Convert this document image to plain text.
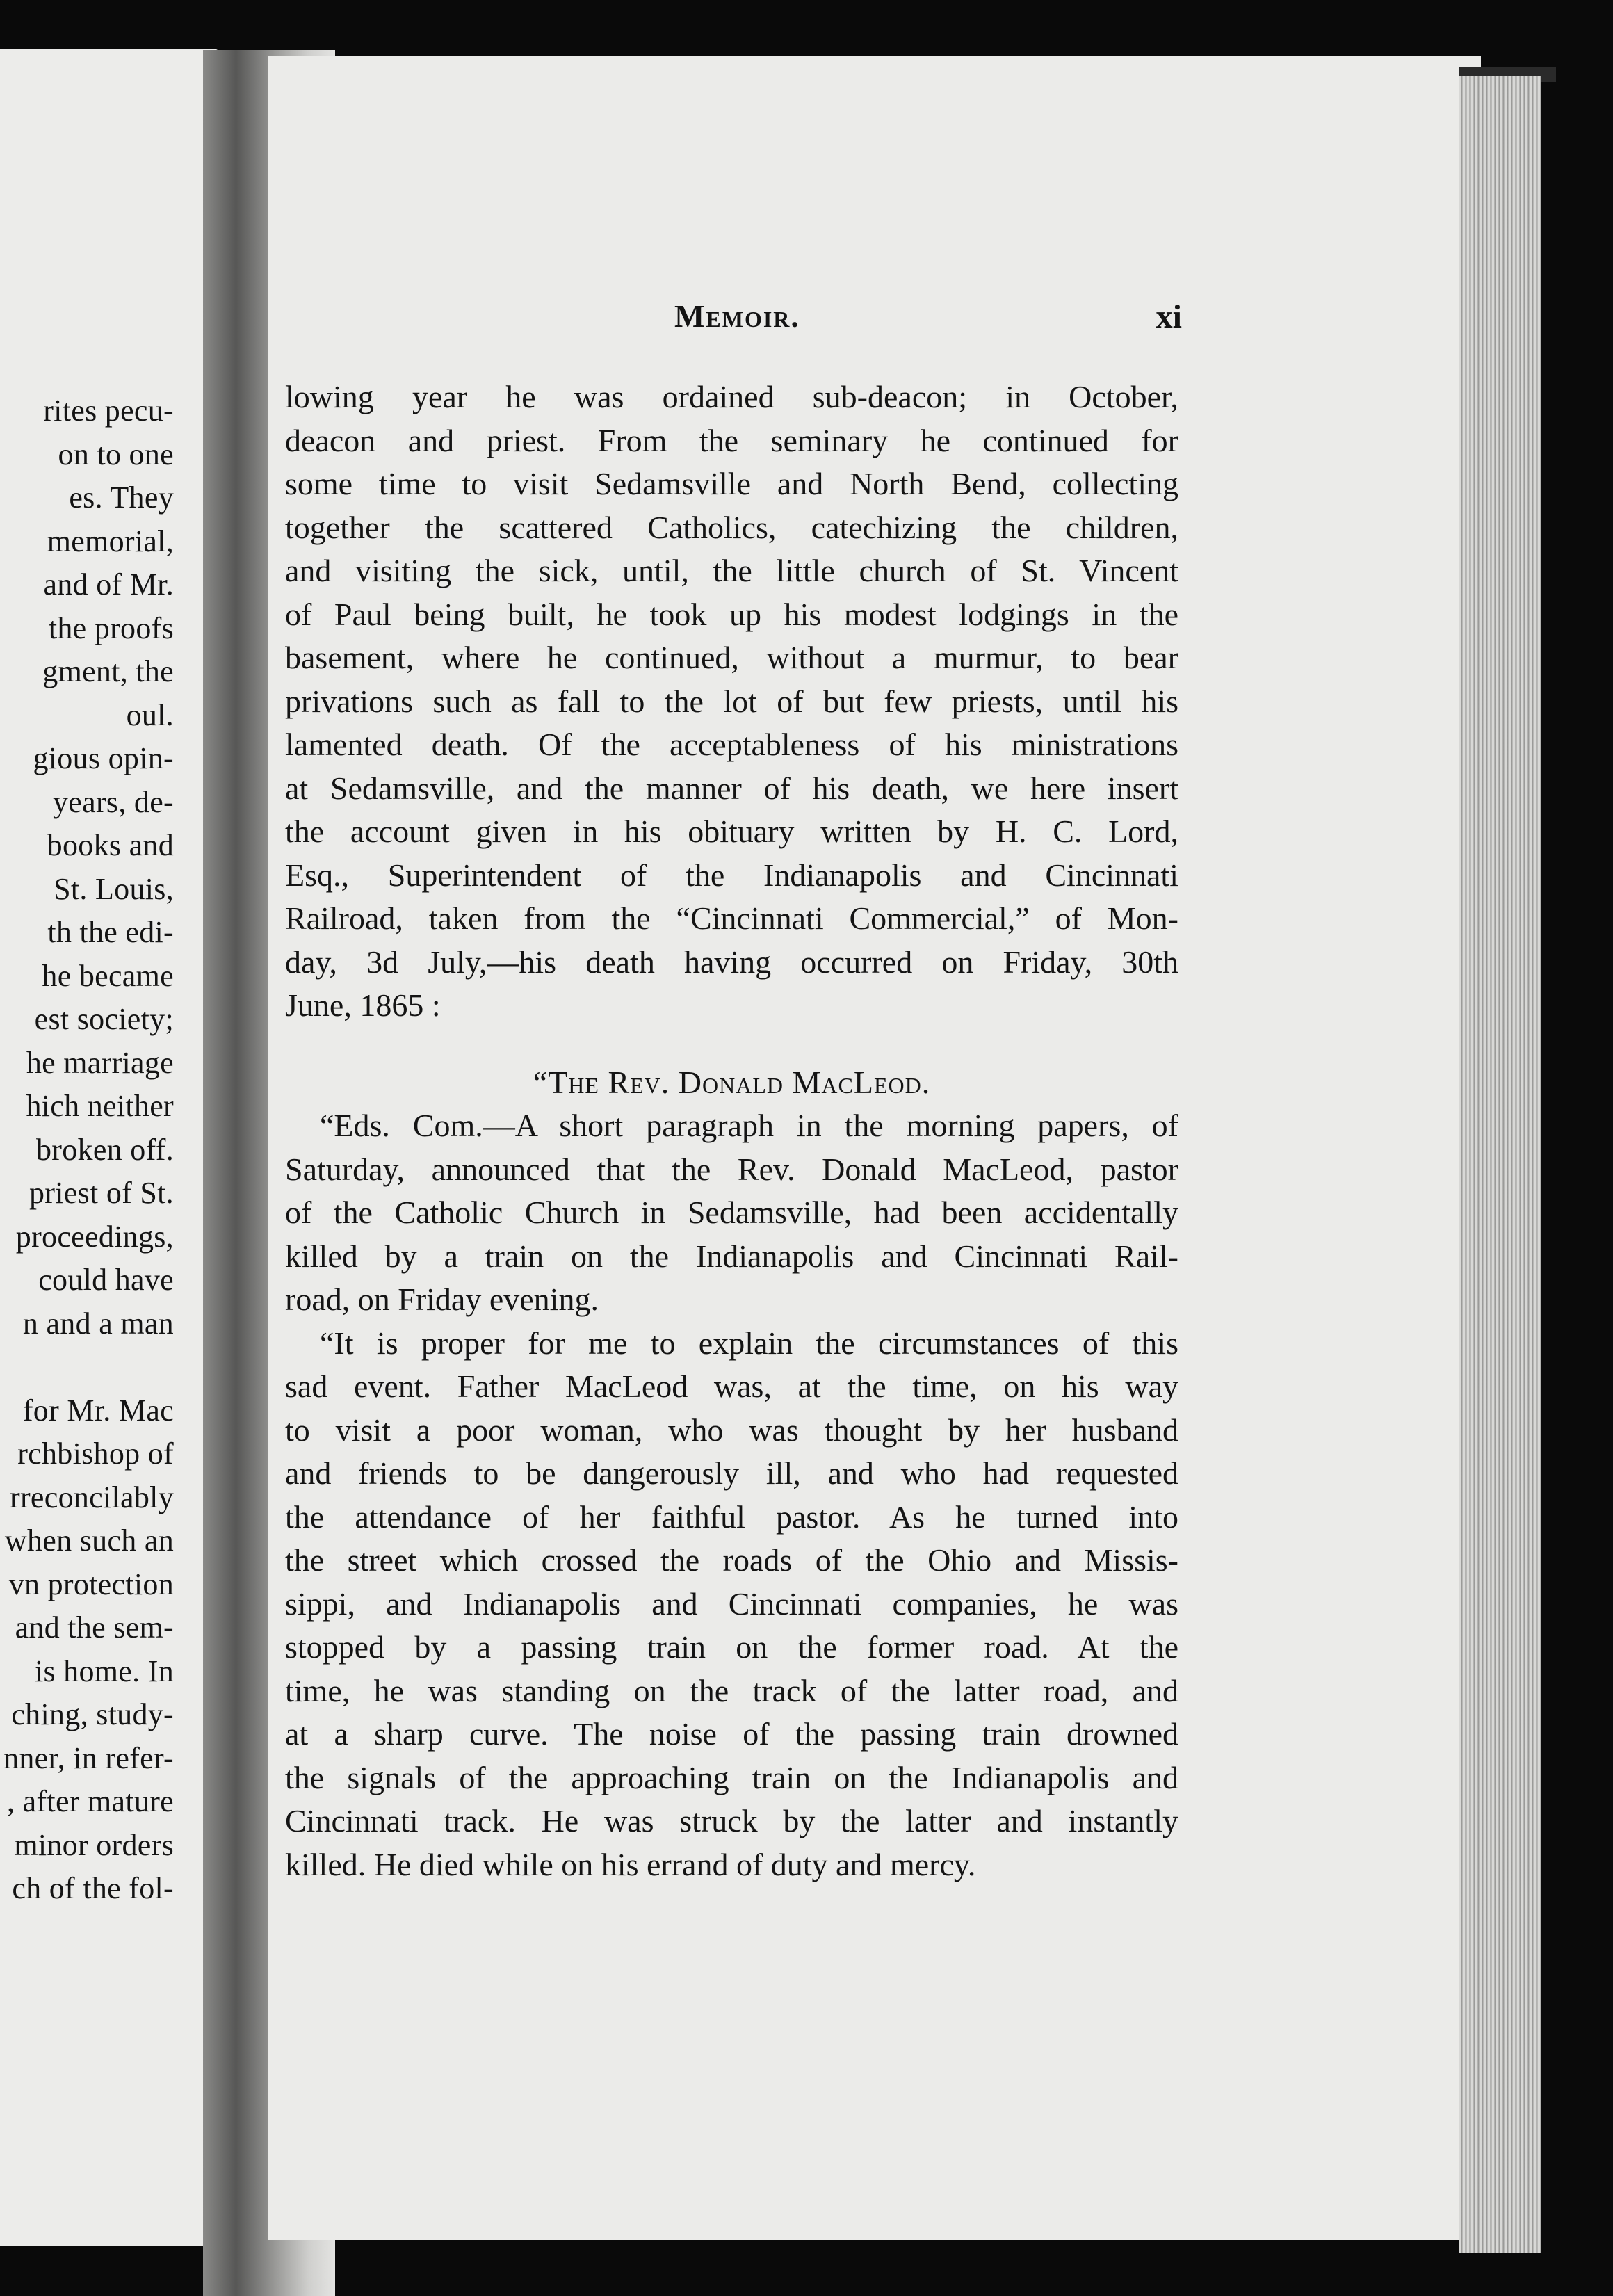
rites pecu-
on to one
es. They
memorial,
and of Mr.
the proofs
gment, the
oul.
gious opin-
years, de-
books and
St. Louis,
th the edi-
he became
est society;
he marriage
hich neither
broken off.
priest of St.
proceedings,
could have
n and a man
for Mr. Mac
rchbishop of
rreconcilably
when such an
vn protection
and the sem-
is home. In
ching, study-
nner, in refer-
, after mature
minor orders
ch of the fol-
Memoir.	xi
lowing year he was ordained sub-deacon; in October,
deacon and priest. From the seminary he continued for
some time to visit Sedamsville and North Bend, collecting
together the scattered Catholics, catechizing the children,
and visiting the sick, until, the little church of St. Vincent
of Paul being built, he took up his modest lodgings in the
basement, where he continued, without a murmur, to bear
privations such as fall to the lot of but few priests, until his
lamented death. Of the acceptableness of his ministrations
at Sedamsville, and the manner of his death, we here insert
the account given in his obituary written by H. C. Lord,
Esq., Superintendent of the Indianapolis and Cincinnati
Railroad, taken from the “Cincinnati Commercial,” of Mon-
day, 3d July,—his death having occurred on Friday, 30th
June, 1865 :
“The Rev. Donald MacLeod.
“Eds. Com.—A short paragraph in the morning papers, of
Saturday, announced that the Rev. Donald MacLeod, pastor
of the Catholic Church in Sedamsville, had been accidentally
killed by a train on the Indianapolis and Cincinnati Rail-
road, on Friday evening.
“It is proper for me to explain the circumstances of this
sad event. Father MacLeod was, at the time, on his way
to visit a poor woman, who was thought by her husband
and friends to be dangerously ill, and who had requested
the attendance of her faithful pastor. As he turned into
the street which crossed the roads of the Ohio and Missis-
sippi, and Indianapolis and Cincinnati companies, he was
stopped by a passing train on the former road. At the
time, he was standing on the track of the latter road, and
at a sharp curve. The noise of the passing train drowned
the signals of the approaching train on the Indianapolis and
Cincinnati track. He was struck by the latter and instantly
killed. He died while on his errand of duty and mercy.
